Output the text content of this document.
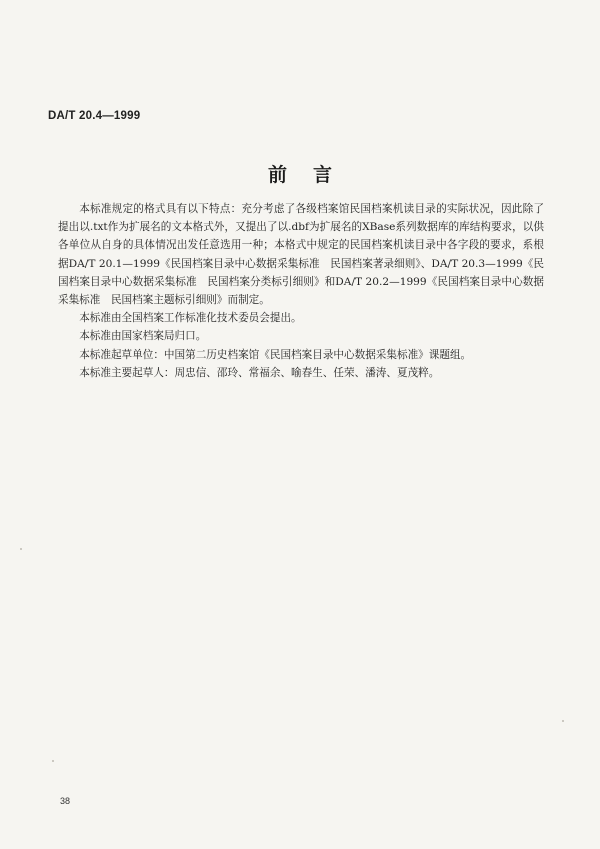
DA/T 20.4—1999
前言

本标准规定的格式具有以下特点：充分考虑了各级档案馆民国档案机读目录的实际状况，因此除了提出以.txt作为扩展名的文本格式外，又提出了以.dbf为扩展名的XBase系列数据库的库结构要求，以供各单位从自身的具体情况出发任意选用一种；本格式中规定的民国档案机读目录中各字段的要求，系根据DA/T 20.1—1999《民国档案目录中心数据采集标准　民国档案著录细则》、DA/T 20.3—1999《民国档案目录中心数据采集标准　民国档案分类标引细则》和DA/T 20.2—1999《民国档案目录中心数据采集标准　民国档案主题标引细则》而制定。

本标准由全国档案工作标准化技术委员会提出。

本标准由国家档案局归口。

本标准起草单位：中国第二历史档案馆《民国档案目录中心数据采集标准》课题组。

本标准主要起草人：周忠信、邵玲、常福余、喻春生、任荣、潘涛、夏茂粹。

38
